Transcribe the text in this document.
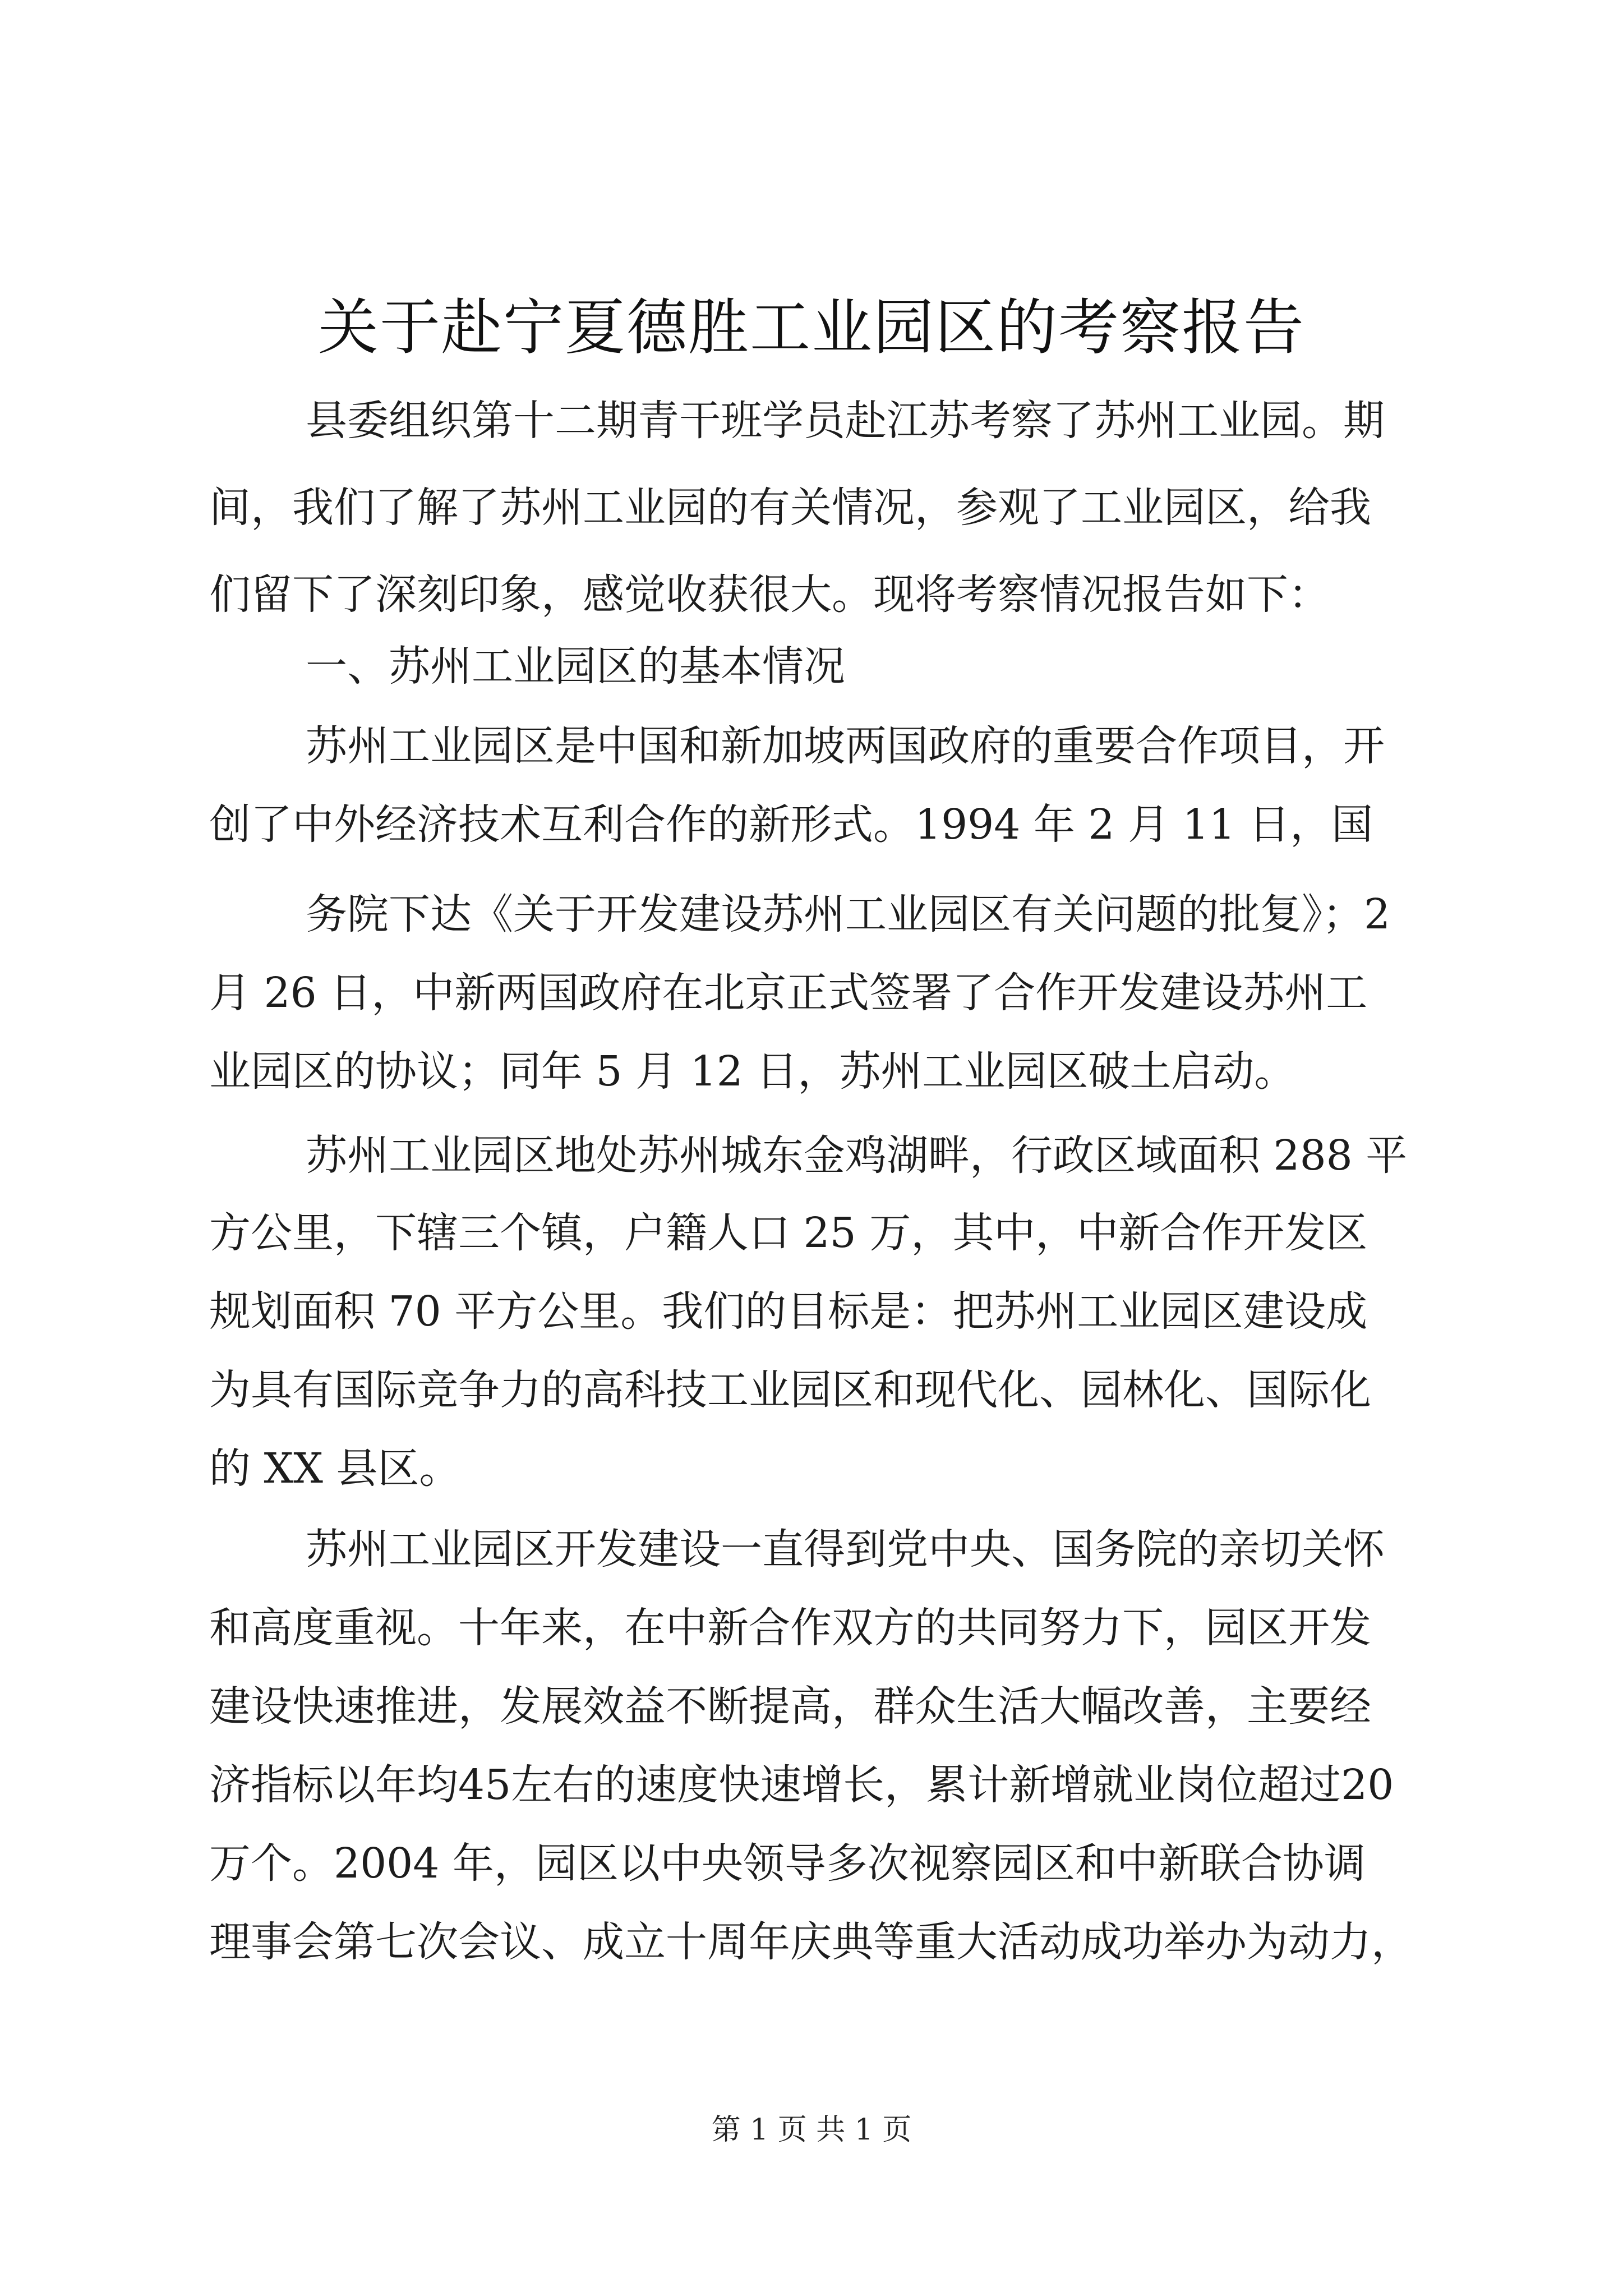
关于赴宁夏德胜工业园区的考察报告

县委组织第十二期青干班学员赴江苏考察了苏州工业园。期

间，我们了解了苏州工业园的有关情况，参观了工业园区，给我

们留下了深刻印象，感觉收获很大。现将考察情况报告如下：

一、苏州工业园区的基本情况

苏州工业园区是中国和新加坡两国政府的重要合作项目，开

创了中外经济技术互利合作的新形式。1994 年 2 月 11 日，国

务院下达《关于开发建设苏州工业园区有关问题的批复》；2

月 26 日，中新两国政府在北京正式签署了合作开发建设苏州工

业园区的协议；同年 5 月 12 日，苏州工业园区破土启动。

苏州工业园区地处苏州城东金鸡湖畔，行政区域面积 288 平

方公里，下辖三个镇，户籍人口 25 万，其中，中新合作开发区

规划面积 70 平方公里。我们的目标是：把苏州工业园区建设成

为具有国际竞争力的高科技工业园区和现代化、园林化、国际化

的 XX 县区。

苏州工业园区开发建设一直得到党中央、国务院的亲切关怀

和高度重视。十年来，在中新合作双方的共同努力下，园区开发

建设快速推进，发展效益不断提高，群众生活大幅改善，主要经

济指标以年均45左右的速度快速增长，累计新增就业岗位超过20

万个。2004 年，园区以中央领导多次视察园区和中新联合协调

理事会第七次会议、成立十周年庆典等重大活动成功举办为动力，

第 1 页 共 1 页
